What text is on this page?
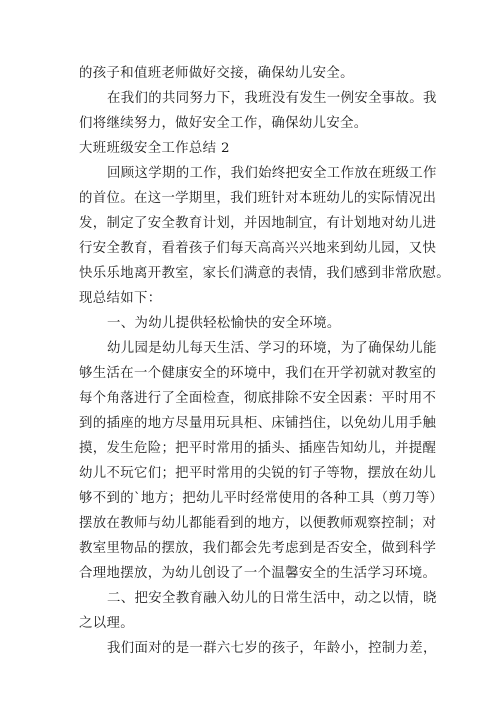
的孩子和值班老师做好交接，确保幼儿安全。
在我们的共同努力下，我班没有发生一例安全事故。我
们将继续努力，做好安全工作，确保幼儿安全。
大班班级安全工作总结 2
回顾这学期的工作，我们始终把安全工作放在班级工作
的首位。在这一学期里，我们班针对本班幼儿的实际情况出
发，制定了安全教育计划，并因地制宜，有计划地对幼儿进
行安全教育，看着孩子们每天高高兴兴地来到幼儿园，又快
快乐乐地离开教室，家长们满意的表情，我们感到非常欣慰。
现总结如下：
一、为幼儿提供轻松愉快的安全环境。
幼儿园是幼儿每天生活、学习的环境，为了确保幼儿能
够生活在一个健康安全的环境中，我们在开学初就对教室的
每个角落进行了全面检查，彻底排除不安全因素：平时用不
到的插座的地方尽量用玩具柜、床铺挡住，以免幼儿用手触
摸，发生危险；把平时常用的插头、插座告知幼儿，并提醒
幼儿不玩它们；把平时常用的尖锐的钉子等物，摆放在幼儿
够不到的`地方；把幼儿平时经常使用的各种工具（剪刀等）
摆放在教师与幼儿都能看到的地方，以便教师观察控制；对
教室里物品的摆放，我们都会先考虑到是否安全，做到科学
合理地摆放，为幼儿创设了一个温馨安全的生活学习环境。
二、把安全教育融入幼儿的日常生活中，动之以情，晓
之以理。
我们面对的是一群六七岁的孩子，年龄小，控制力差，
